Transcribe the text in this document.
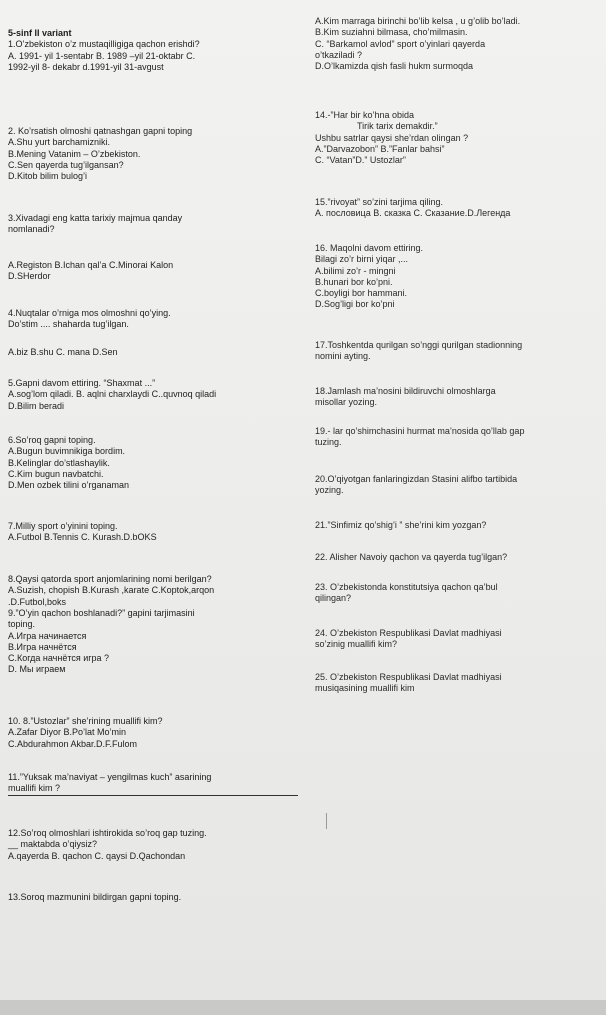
5-sinf II variant
1.O’zbekiston o’z mustaqilligiga qachon erishdi?
A. 1991- yil 1-sentabr B. 1989 –yil 21-oktabr C.
1992-yil 8- dekabr d.1991-yil 31-avgust
2. Ko’rsatish olmoshi qatnashgan gapni toping
A.Shu yurt barchamizniki.
B.Mening Vatanim – O’zbekiston.
C.Sen qayerda tug’ilgansan?
D.Kitob bilim bulog’i
3.Xivadagi eng katta tarixiy majmua qanday
nomlanadi?
A.Registon B.Ichan qal’a C.Minorai Kalon
D.SHerdor
4.Nuqtalar o’rniga mos olmoshni qo’ying.
Do’stim .... shaharda tug’ilgan.
A.biz B.shu C. mana D.Sen
5.Gapni davom ettiring. “Shaxmat ...”
A.sog’lom qiladi. B. aqlni charxlaydi C..quvnoq qiladi
D.Bilim beradi
6.So’roq gapni toping.
A.Bugun buvimnikiga bordim.
B.Kelinglar do’stlashaylik.
C.Kim bugun navbatchi.
D.Men ozbek tilini o’rganaman
7.Milliy sport o’yinini toping.
A.Futbol B.Tennis C. Kurash.D.bOKS
8.Qaysi qatorda sport anjomlarining nomi berilgan?
A.Suzish, chopish B.Kurash ,karate C.Koptok,arqon
.D.Futbol,boks
9.”O’yin qachon boshlanadi?” gapini tarjimasini
toping.
A.Игра начинается
B.Игра начнётся
C.Когда начнётся игра ?
D. Мы играем
10. 8.”Ustozlar” she’rining muallifi kim?
A.Zafar Diyor B.Po’lat Mo’min
C.Abdurahmon Akbar.D.F.Fulom
11.”Yuksak ma’naviyat – yengilmas kuch” asarining
muallifi kim ?
12.So’roq olmoshlari ishtirokida so’roq gap tuzing.
__ maktabda o’qiysiz?
A.qayerda B. qachon C. qaysi D.Qachondan
13.Soroq mazmunini bildirgan gapni toping.
A.Kim marraga birinchi bo’lib kelsa , u g’olib bo’ladi.
B.Kim suziahni bilmasa, cho’milmasin.
C. “Barkamol avlod” sport o’yinlari qayerda
o’tkaziladi ?
D.O’lkamizda qish fasli hukm surmoqda
14.-”Har bir ko’hna obida
Tirik tarix demakdir.”
Ushbu satrlar qaysi she’rdan olingan ?
A.”Darvazobon” B.”Fanlar bahsi”
C. “Vatan”D.” Ustozlar”
15.”rivoyat” so’zini tarjima qiling.
A. пословица B. сказка C. Сказание.D.Легенда
16. Maqolni davom ettiring.
Bilagi zo’r birni yiqar ,...
A.bilimi zo’r - mingni
B.hunari bor ko’pni.
C.boyligi bor hammani.
D.Sog’ligi bor ko’pni
17.Toshkentda qurilgan so’nggi qurilgan stadionning
nomini ayting.
18.Jamlash ma’nosini bildiruvchi olmoshlarga
misollar yozing.
19.- lar qo’shimchasini hurmat ma’nosida qo’llab gap
tuzing.
20.O’qiyotgan fanlaringizdan Stasini alifbo tartibida
yozing.
21.”Sinfimiz qo’shig’i ” she’rini kim yozgan?
22. Alisher Navoiy qachon va qayerda tug’ilgan?
23. O’zbekistonda konstitutsiya qachon qa’bul
qilingan?
24. O’zbekiston Respublikasi Davlat madhiyasi
so’zinig muallifi kim?
25. O’zbekiston Respublikasi Davlat madhiyasi
musiqasining muallifi kim
